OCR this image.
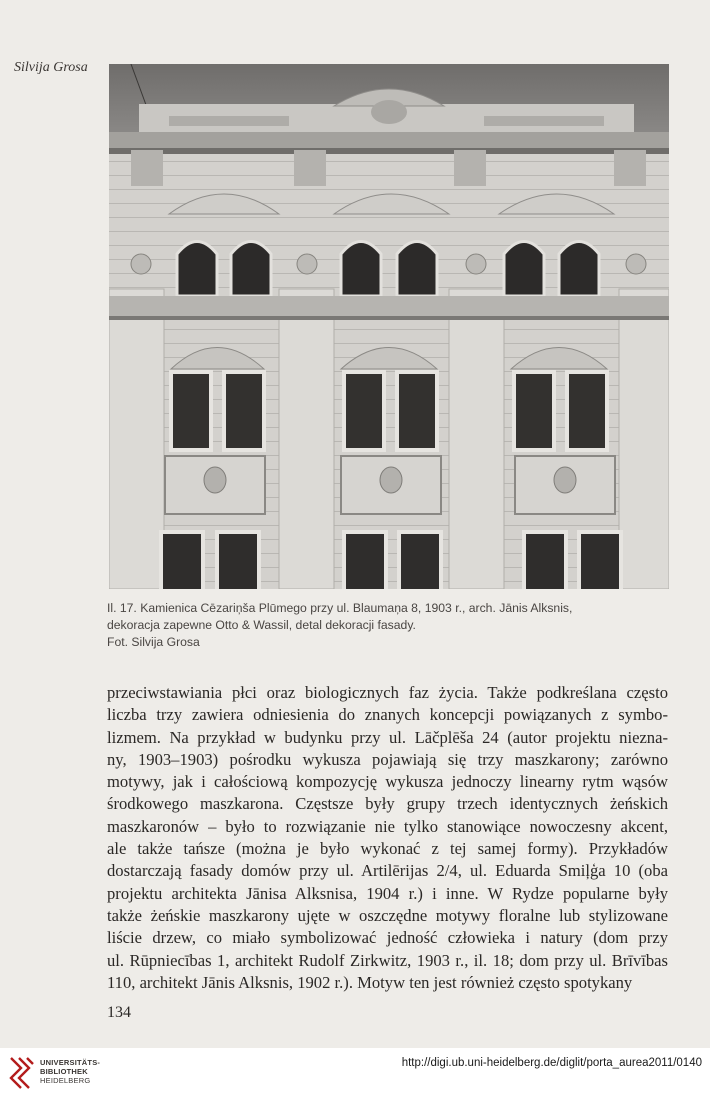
Silvija Grosa
Il. 17. Kamienica Cēzariņša Plūmego przy ul. Blaumaņa 8, 1903 r., arch. Jānis Alksnis,
dekoracja zapewne Otto & Wassil, detal dekoracji fasady.
Fot. Silvija Grosa
przeciwstawiania płci oraz biologicznych faz życia. Także podkreślana często
liczba trzy zawiera odniesienia do znanych koncepcji powiązanych z symbo-
lizmem. Na przykład w budynku przy ul. Lāčplēša 24 (autor projektu niezna-
ny, 1903–1903) pośrodku wykusza pojawiają się trzy maszkarony; zarówno
motywy, jak i całościową kompozycję wykusza jednoczy linearny rytm wąsów
środkowego maszkarona. Częstsze były grupy trzech identycznych żeńskich
maszkaronów – było to rozwiązanie nie tylko stanowiące nowoczesny akcent,
ale także tańsze (można je było wykonać z tej samej formy). Przykładów
dostarczają fasady domów przy ul. Artilērijas 2/4, ul. Eduarda Smiļģa 10 (oba
projektu architekta Jānisa Alksnisa, 1904 r.) i inne. W Rydze popularne były
także żeńskie maszkarony ujęte w oszczędne motywy floralne lub stylizowane
liście drzew, co miało symbolizować jedność człowieka i natury (dom przy
ul. Rūpniecības 1, architekt Rudolf Zirkwitz, 1903 r., il. 18; dom przy ul. Brīvības
110, architekt Jānis Alksnis, 1902 r.). Motyw ten jest również często spotykany
134
UNIVERSITÄTS-
BIBLIOTHEK
HEIDELBERG
http://digi.ub.uni-heidelberg.de/diglit/porta_aurea2011/0140
